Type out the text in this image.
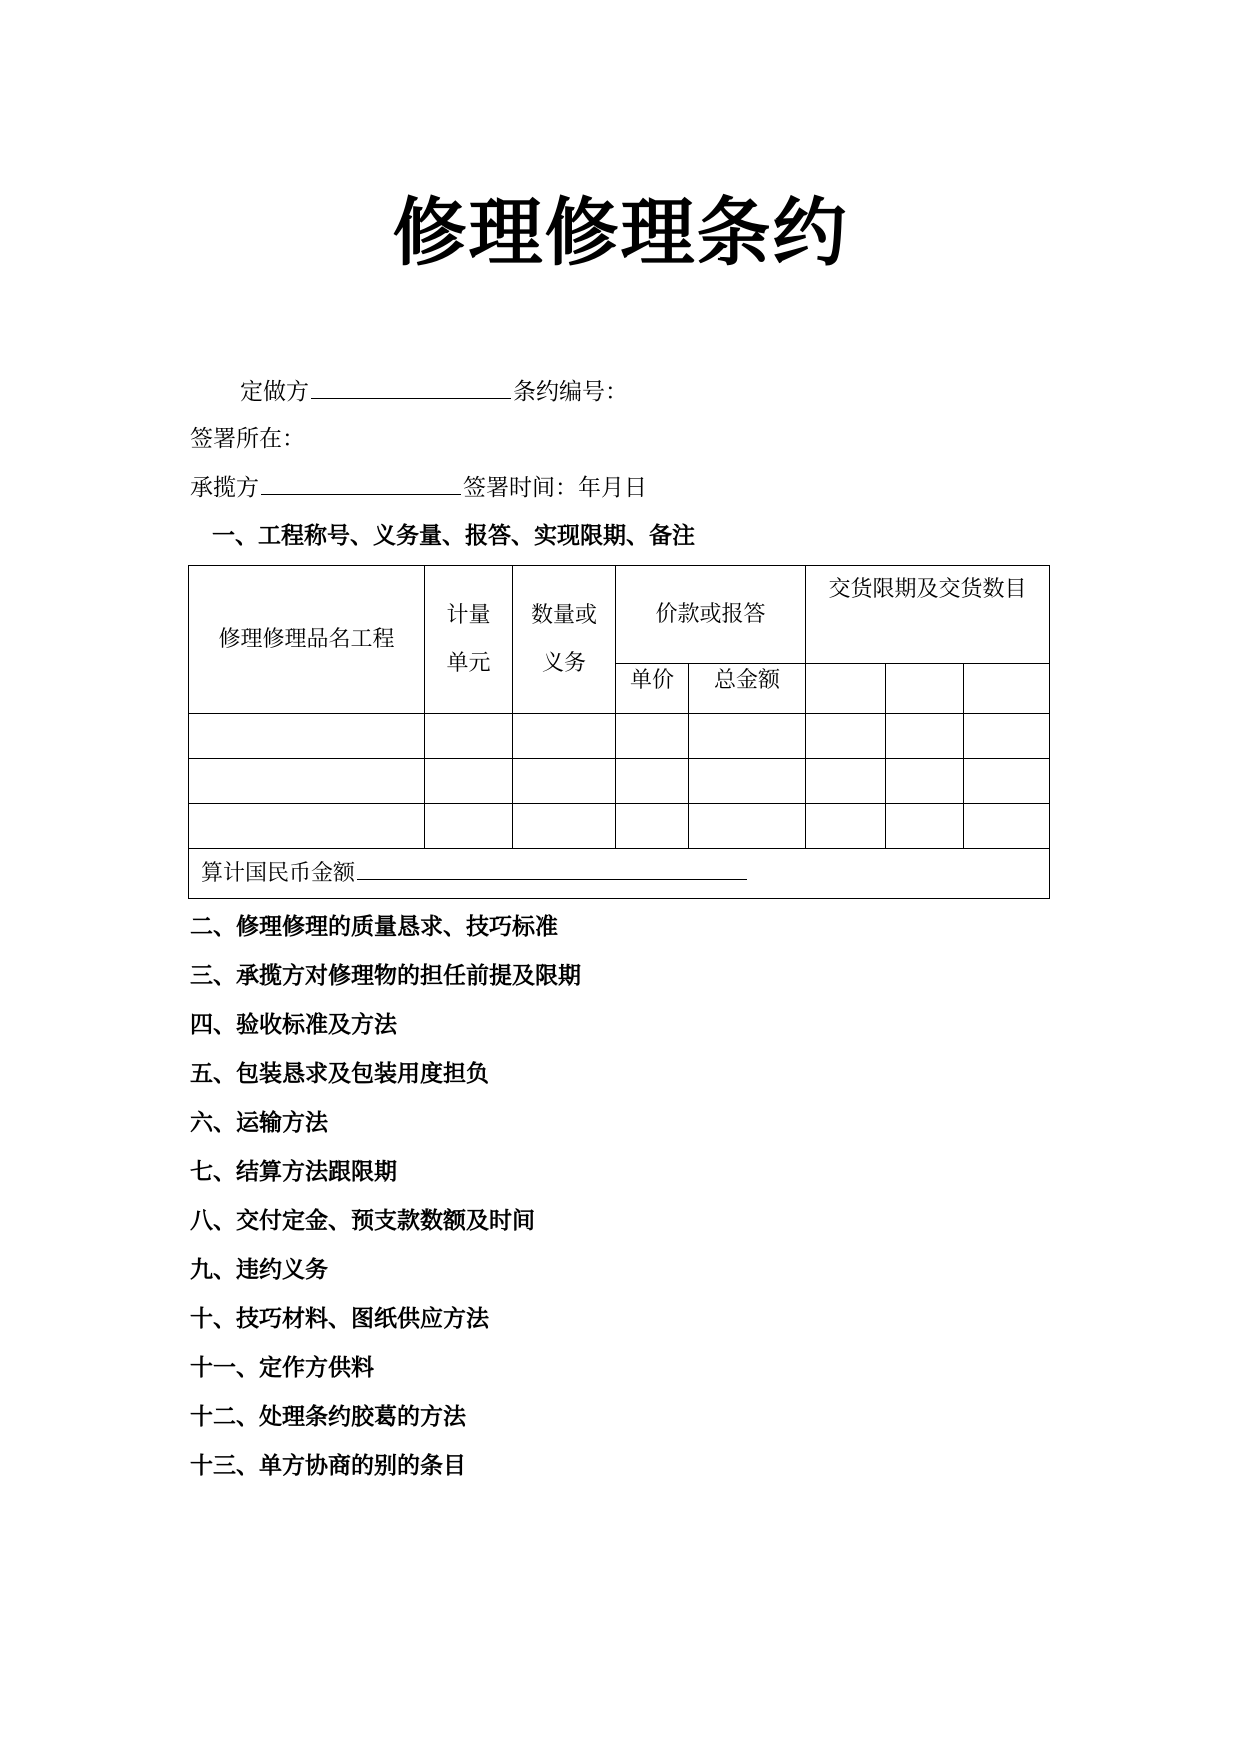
修理修理条约
定做方	条约编号：
签署所在：
承揽方	签署时间：年月日
一、工程称号、义务量、报答、实现限期、备注
修理修理品名工程	计量单元	数量或义务	价款或报答		交货限期及交货数目		

			单价	总金额			

算计国民币金额							
二、修理修理的质量恳求、技巧标准
三、承揽方对修理物的担任前提及限期
四、验收标准及方法
五、包装恳求及包装用度担负
六、运输方法
七、结算方法跟限期
八、交付定金、预支款数额及时间
九、违约义务
十、技巧材料、图纸供应方法
十一、定作方供料
十二、处理条约胶葛的方法
十三、单方协商的别的条目
